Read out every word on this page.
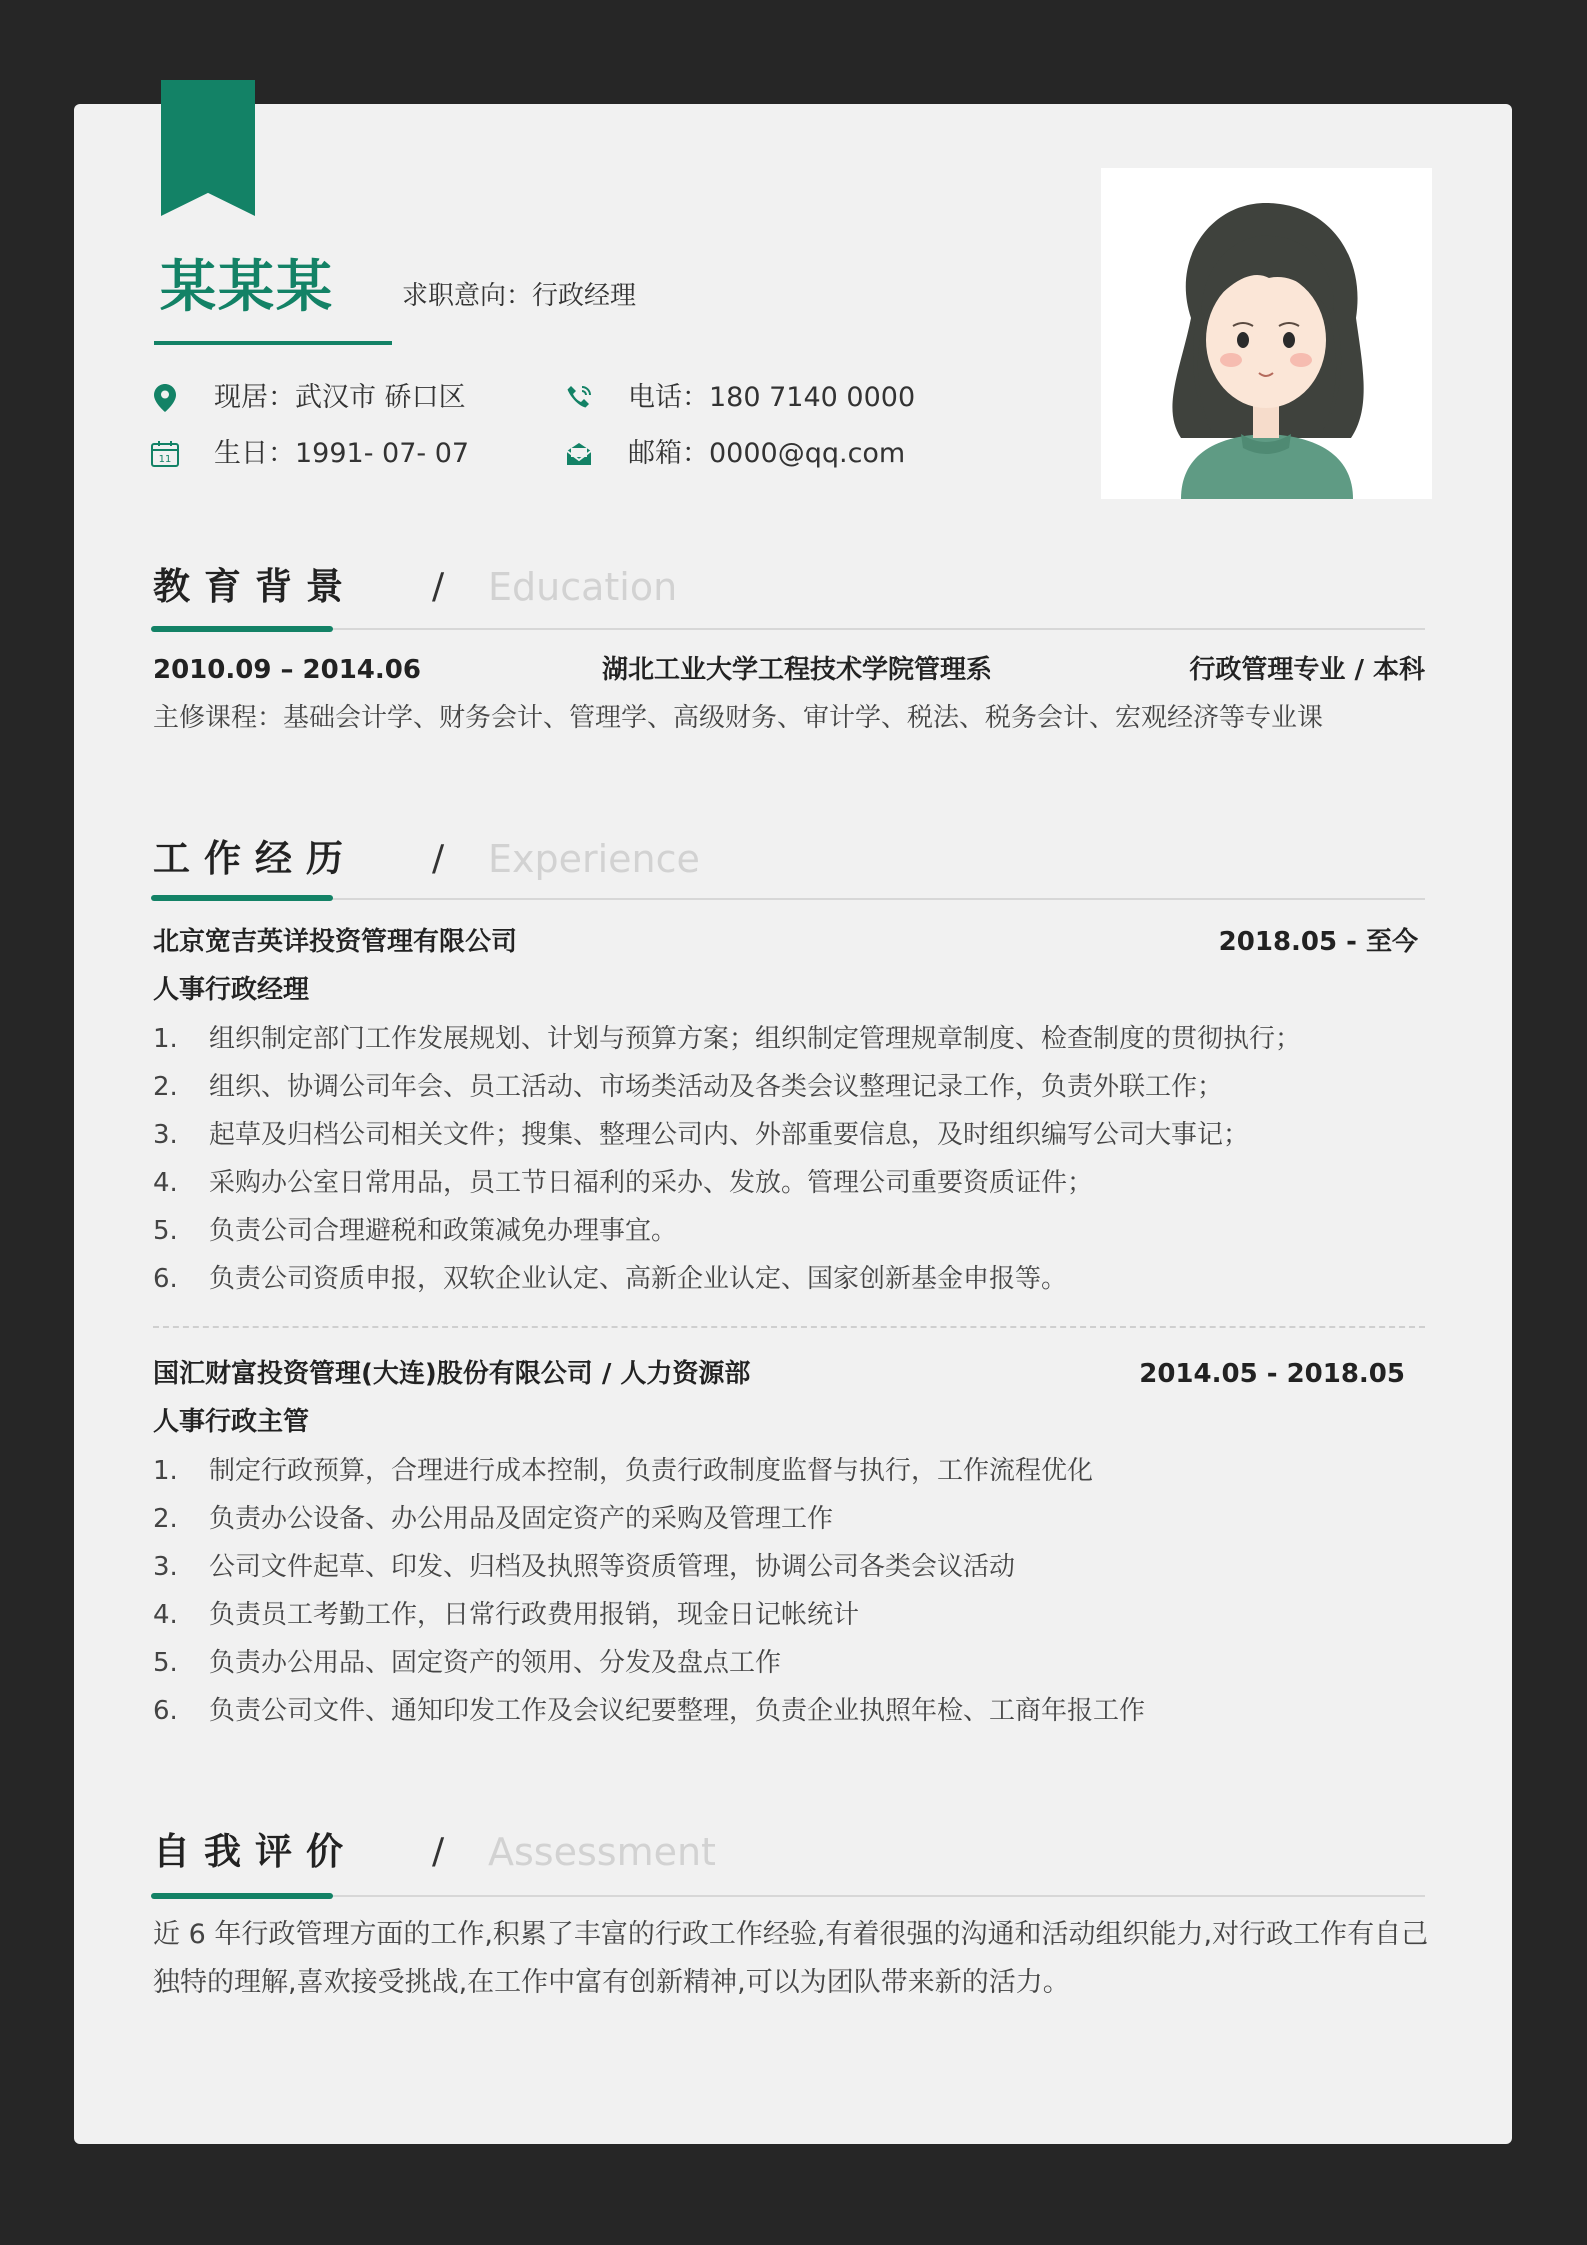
某某某	求职意向：行政经理
现居 ：	武汉市 硚口区	电话 ：	180 7140 0000
11 生日 ：	1991- 07- 07	邮箱 ：	0000@qq.com
教育背景 / Education
2010.09 – 2014.06	湖北工业大学工程技术学院管理系	行政管理专业 / 本科
主修课程：基础会计学、财务会计、管理学、高级财务、审计学、税法、税务会计、宏观经济等专业课
工作经历 / Experience
北京宽吉英详投资管理有限公司	2018.05 - 至今
人事行政经理
1. 组织制定部门工作发展规划、计划与预算方案；组织制定管理规章制度、检查制度的贯彻执行；
2. 组织、协调公司年会、员工活动、市场类活动及各类会议整理记录工作，负责外联工作；
3. 起草及归档公司相关文件；搜集、整理公司内、外部重要信息，及时组织编写公司大事记；
4. 采购办公室日常用品，员工节日福利的采办、发放。管理公司重要资质证件；
5. 负责公司合理避税和政策减免办理事宜。
6. 负责公司资质申报，双软企业认定、高新企业认定、国家创新基金申报等。
国汇财富投资管理(大连)股份有限公司 / 人力资源部	2014.05 - 2018.05
人事行政主管
1. 制定行政预算，合理进行成本控制，负责行政制度监督与执行，工作流程优化
2. 负责办公设备、办公用品及固定资产的采购及管理工作
3. 公司文件起草、印发、归档及执照等资质管理，协调公司各类会议活动
4. 负责员工考勤工作，日常行政费用报销，现金日记帐统计
5. 负责办公用品、固定资产的领用、分发及盘点工作
6. 负责公司文件、通知印发工作及会议纪要整理，负责企业执照年检、工商年报工作
自我评价 / Assessment
近 6 年行政管理方面的工作,积累了丰富的行政工作经验,有着很强的沟通和活动组织能力,对行政工作有自己独特的理解,喜欢接受挑战,在工作中富有创新精神,可以为团队带来新的活力。
